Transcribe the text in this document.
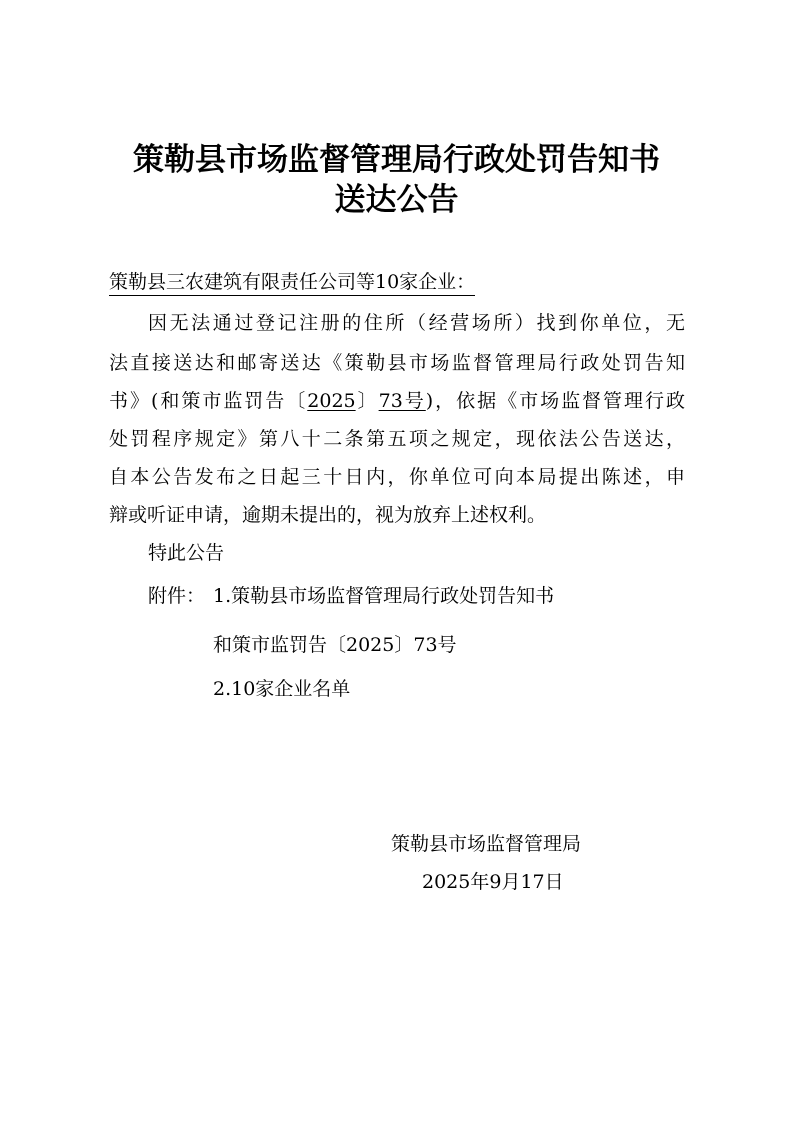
策勒县市场监督管理局行政处罚告知书
送达公告
策勒县三农建筑有限责任公司等10家企业：
因无法通过登记注册的住所（经营场所）找到你单位，无
法直接送达和邮寄送达《策勒县市场监督管理局行政处罚告知
书》(和策市监罚告〔2025〕73号)，依据《市场监督管理行政
处罚程序规定》第八十二条第五项之规定，现依法公告送达，
自本公告发布之日起三十日内，你单位可向本局提出陈述，申
辩或听证申请，逾期未提出的，视为放弃上述权利。
特此公告
附件： 1.策勒县市场监督管理局行政处罚告知书
和策市监罚告〔2025〕73号
2.10家企业名单
策勒县市场监督管理局
2025年9月17日
